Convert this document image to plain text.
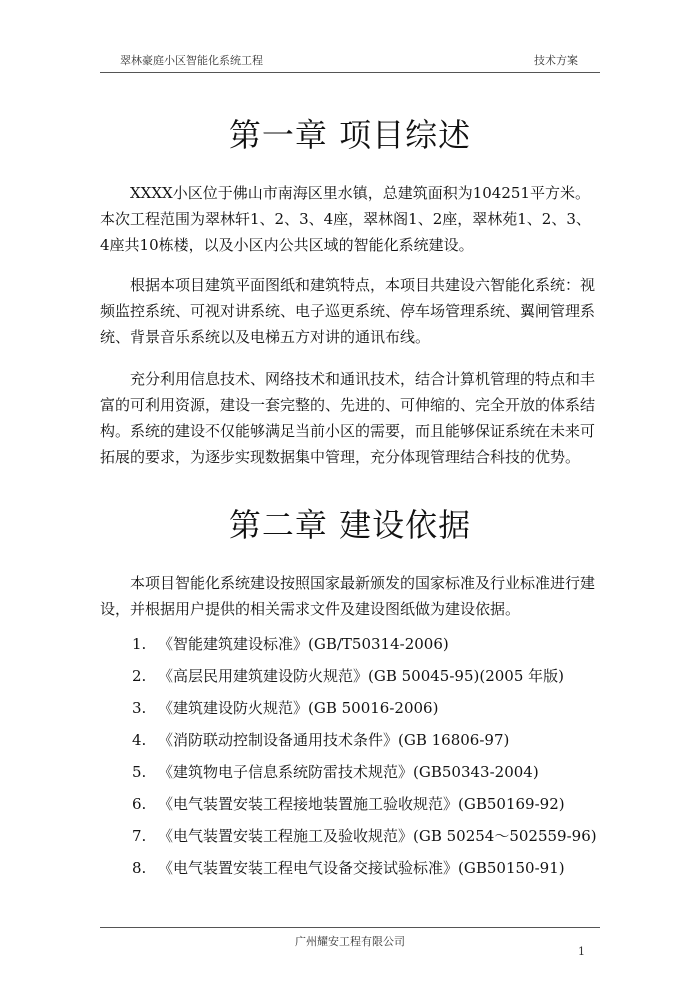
翠林豪庭小区智能化系统工程	技术方案
第一章 项目综述

XXXX小区位于佛山市南海区里水镇，总建筑面积为104251平方米。本次工程范围为翠林轩1、2、3、4座，翠林阁1、2座，翠林苑1、2、3、4座共10栋楼，以及小区内公共区域的智能化系统建设。

根据本项目建筑平面图纸和建筑特点，本项目共建设六智能化系统：视频监控系统、可视对讲系统、电子巡更系统、停车场管理系统、翼闸管理系统、背景音乐系统以及电梯五方对讲的通讯布线。

充分利用信息技术、网络技术和通讯技术，结合计算机管理的特点和丰富的可利用资源，建设一套完整的、先进的、可伸缩的、完全开放的体系结构。系统的建设不仅能够满足当前小区的需要，而且能够保证系统在未来可拓展的要求，为逐步实现数据集中管理，充分体现管理结合科技的优势。

第二章 建设依据

本项目智能化系统建设按照国家最新颁发的国家标准及行业标准进行建设，并根据用户提供的相关需求文件及建设图纸做为建设依据。

1. 《智能建筑建设标准》(GB/T50314-2006)
2. 《高层民用建筑建设防火规范》(GB 50045-95)(2005 年版)
3. 《建筑建设防火规范》(GB 50016-2006)
4. 《消防联动控制设备通用技术条件》(GB 16806-97)
5. 《建筑物电子信息系统防雷技术规范》(GB50343-2004)
6. 《电气装置安装工程接地装置施工验收规范》(GB50169-92)
7. 《电气装置安装工程施工及验收规范》(GB 50254～502559-96)
8. 《电气装置安装工程电气设备交接试验标准》(GB50150-91)
广州耀安工程有限公司
1
